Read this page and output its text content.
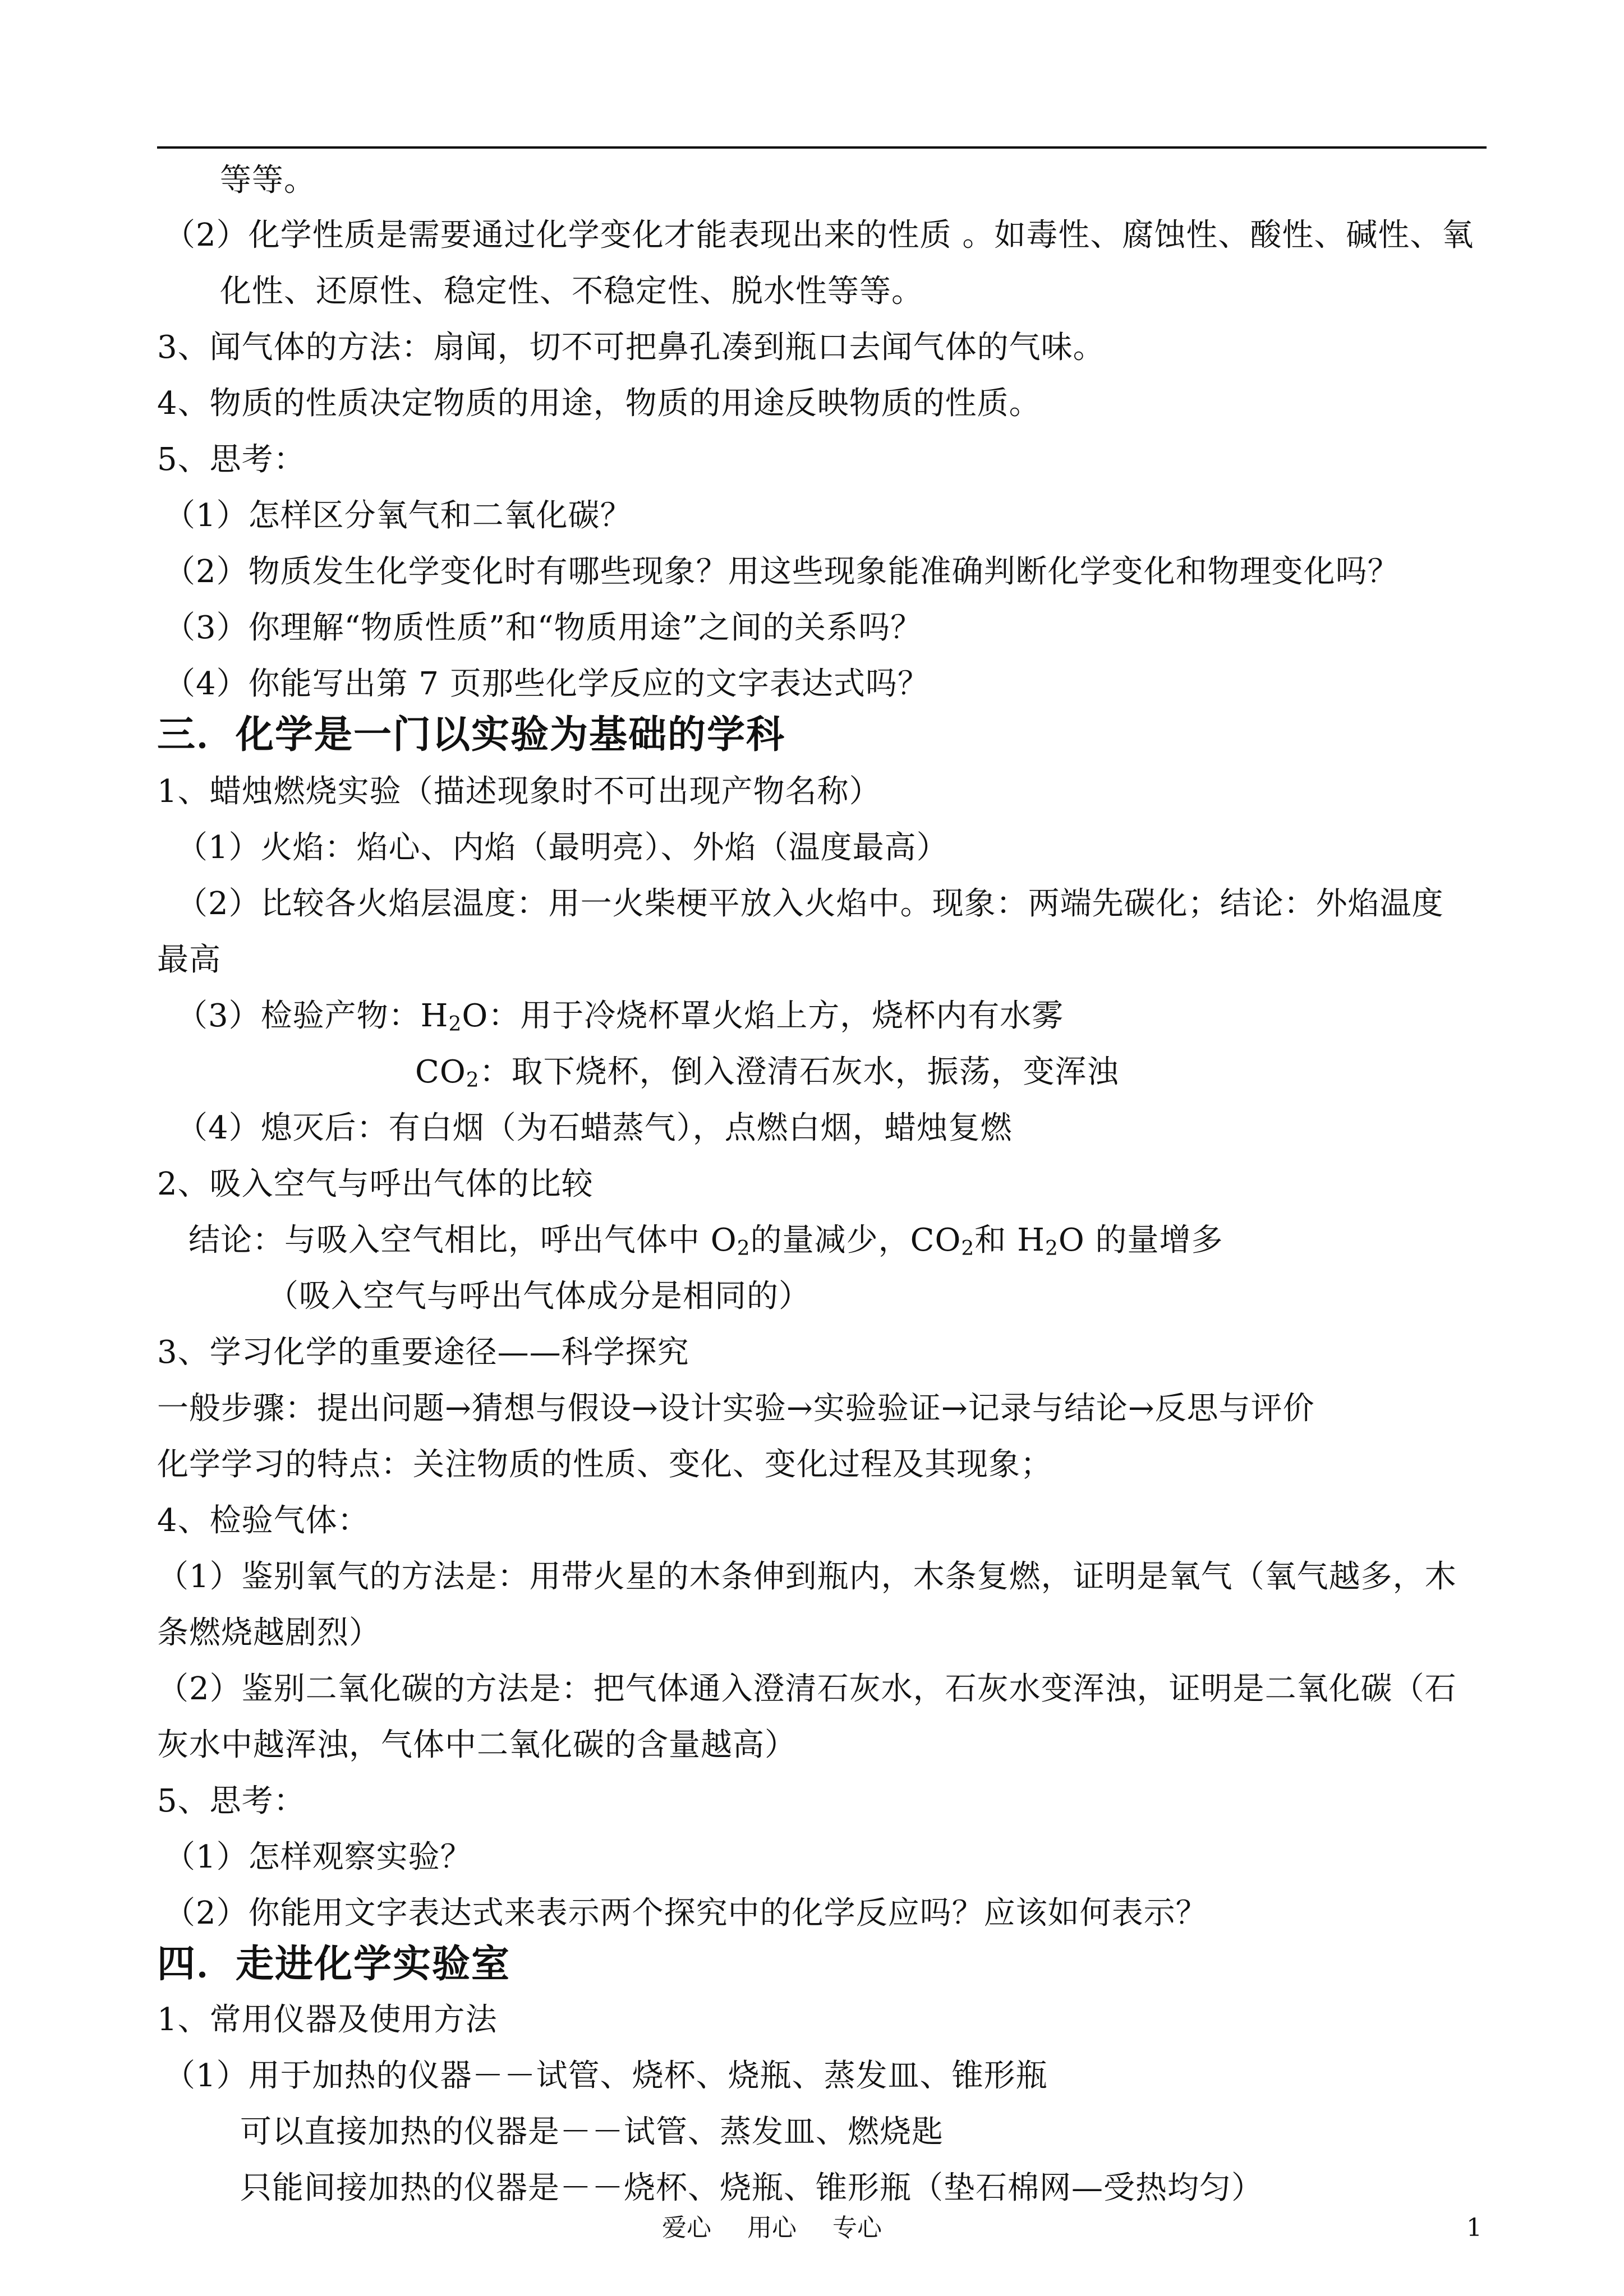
等等。
（2）化学性质是需要通过化学变化才能表现出来的性质 。如毒性、腐蚀性、酸性、碱性、氧
化性、还原性、稳定性、不稳定性、脱水性等等。
3、闻气体的方法：扇闻，切不可把鼻孔凑到瓶口去闻气体的气味。
4、物质的性质决定物质的用途，物质的用途反映物质的性质。
5、思考：
（1）怎样区分氧气和二氧化碳？
（2）物质发生化学变化时有哪些现象？用这些现象能准确判断化学变化和物理变化吗？
（3）你理解“物质性质”和“物质用途”之间的关系吗？
（4）你能写出第 7 页那些化学反应的文字表达式吗？
三．化学是一门以实验为基础的学科
1、蜡烛燃烧实验（描述现象时不可出现产物名称）
（1）火焰：焰心、内焰（最明亮）、外焰（温度最高）
（2）比较各火焰层温度：用一火柴梗平放入火焰中。现象：两端先碳化；结论：外焰温度
最高
（3）检验产物：$H_2O$：用于冷烧杯罩火焰上方，烧杯内有水雾
$CO_2$：取下烧杯，倒入澄清石灰水，振荡，变浑浊
（4）熄灭后：有白烟（为石蜡蒸气），点燃白烟，蜡烛复燃
2、吸入空气与呼出气体的比较
结论：与吸入空气相比，呼出气体中 $O_2$的量减少，$CO_2$和 $H_2O$ 的量增多
（吸入空气与呼出气体成分是相同的）
3、学习化学的重要途径——科学探究
一般步骤：提出问题→猜想与假设→设计实验→实验验证→记录与结论→反思与评价
化学学习的特点：关注物质的性质、变化、变化过程及其现象；
4、检验气体：
（1）鉴别氧气的方法是：用带火星的木条伸到瓶内，木条复燃，证明是氧气（氧气越多，木
条燃烧越剧烈）
（2）鉴别二氧化碳的方法是：把气体通入澄清石灰水，石灰水变浑浊，证明是二氧化碳（石
灰水中越浑浊，气体中二氧化碳的含量越高）
5、思考：
（1）怎样观察实验？
（2）你能用文字表达式来表示两个探究中的化学反应吗？应该如何表示？
四．走进化学实验室
1、常用仪器及使用方法
（1）用于加热的仪器－－试管、烧杯、烧瓶、蒸发皿、锥形瓶
可以直接加热的仪器是－－试管、蒸发皿、燃烧匙
只能间接加热的仪器是－－烧杯、烧瓶、锥形瓶（垫石棉网—受热均匀）
爱心 用心 专心	1
